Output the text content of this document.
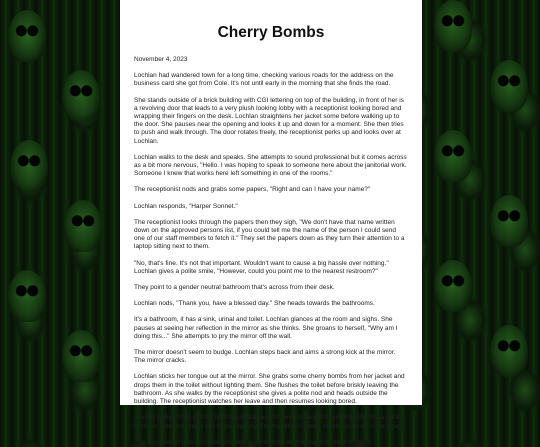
Cherry Bombs

November 4, 2023

Lochlan had wandered town for a long time, checking various roads for the address on the business card she got from Cole. It's not until early in the morning that she finds the road.

She stands outside of a brick building with CGI lettering on top of the building, in front of her is a revolving door that leads to a very plush looking lobby with a receptionist looking bored and wrapping their fingers on the desk. Lochlan straightens her jacket some before walking up to the door. She pauses near the opening and looks it up and down for a moment. She then tries to push and walk through. The door rotates freely, the receptionist perks up and looks over at Lochlan.

Lochlan walks to the desk and speaks. She attempts to sound professional but it comes across as a bit more nervous, "Hello. I was hoping to speak to someone here about the janitorial work. Someone I knew that works here left something in one of the rooms."

The receptionist nods and grabs some papers, "Right and can I have your name?"

Lochlan responds, "Harper Sonnet."

The receptionist looks through the papers then they sigh, "We don't have that name written down on the approved persons list, if you could tell me the name of the person I could send one of our staff members to fetch it." They set the papers down as they turn their attention to a laptop sitting next to them.

"No, that's fine. It's not that important. Wouldn't want to cause a big hassle over nothing." Lochlan gives a polite smile, "However, could you point me to the nearest restroom?"

They point to a gender neutral bathroom that's across from their desk.

Lochlan nods, "Thank you, have a blessed day." She heads towards the bathrooms.

It's a bathroom, it has a sink, urinal and toilet. Lochlan glances at the room and sighs. She pauses at seeing her reflection in the mirror as she thinks. She groans to herself, "Why am I doing this..." She attempts to pry the mirror off the wall.

The mirror doesn't seem to budge. Lochlan steps back and aims a strong kick at the mirror. The mirror cracks.

Lochlan sticks her tongue out at the mirror. She grabs some cherry bombs from her jacket and drops them in the toilet without lighting them. She flushes the toilet before briskly leaving the bathroom. As she walks by the receptionist she gives a polite nod and heads outside the building. The receptionist watches her leave and then resumes looking bored.

A small yellow moth follows behind Lochlan as she turns to face the building. She lifts a hand from her side and snaps her fingers quietly. The handful of cherry bombs goes off in the pipes.

The receptionist jolts and looks incredibly concerned as they run into the bathroom.
